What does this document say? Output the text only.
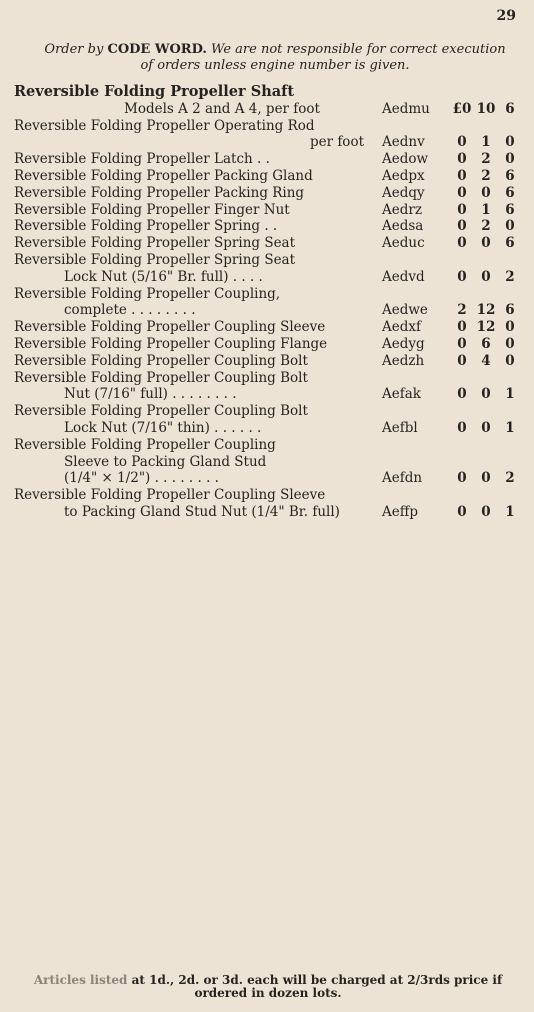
29
Order by CODE WORD. We are not responsible for correct execution of orders unless engine number is given.
Reversible Folding Propeller Shaft
Models A 2 and A 4, per foot	Aedmu	£0 10 6
Reversible Folding Propeller Operating Rod
per foot	Aednv	0	1	0
Reversible Folding Propeller Latch . .	Aedow	0	2	0
Reversible Folding Propeller Packing Gland	Aedpx	0	2	6
Reversible Folding Propeller Packing Ring	Aedqy	0	0	6
Reversible Folding Propeller Finger Nut	Aedrz	0	1	6
Reversible Folding Propeller Spring . .	Aedsa	0	2	0
Reversible Folding Propeller Spring Seat	Aeduc	0	0	6
Reversible Folding Propeller Spring Seat
Lock Nut (5/16" Br. full) . . . .	Aedvd	0	0	2
Reversible Folding Propeller Coupling,
complete . . . . . . . .	Aedwe	2 12 6
Reversible Folding Propeller Coupling Sleeve	Aedxf	0 12 0
Reversible Folding Propeller Coupling Flange	Aedyg	0	6	0
Reversible Folding Propeller Coupling Bolt	Aedzh	0	4	0
Reversible Folding Propeller Coupling Bolt
Nut (7/16" full) . . . . . . . .	Aefak	0	0	1
Reversible Folding Propeller Coupling Bolt
Lock Nut (7/16" thin) . . . . . .	Aefbl	0	0	1
Reversible Folding Propeller Coupling
Sleeve to Packing Gland Stud
(1/4" × 1/2") . . . . . . . .	Aefdn	0	0	2
Reversible Folding Propeller Coupling Sleeve
to Packing Gland Stud Nut (1/4" Br. full)	Aeffp	0	0	1
Articles listed at 1d., 2d. or 3d. each will be charged at 2/3rds price if ordered in dozen lots.
